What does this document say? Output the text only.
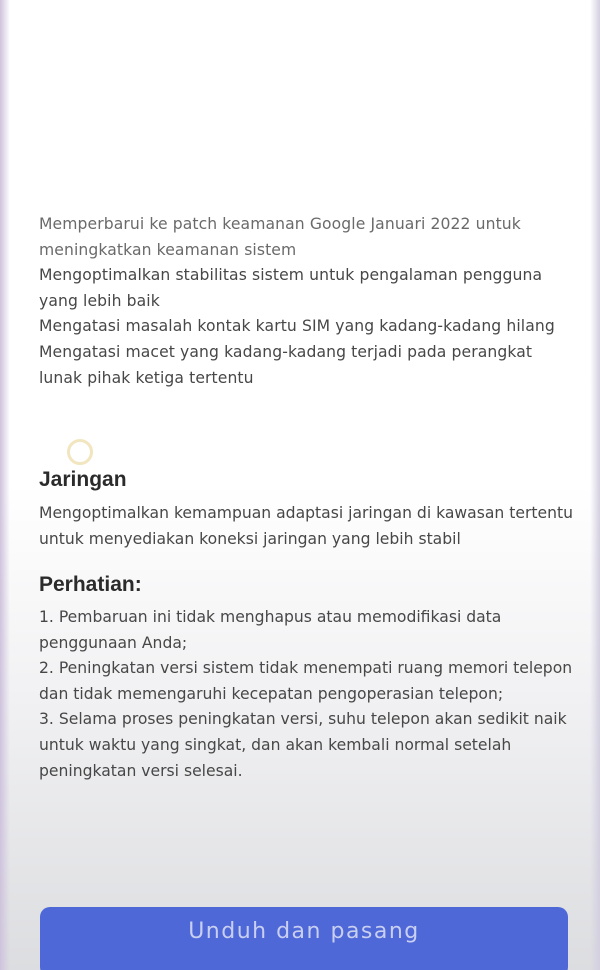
Memperbarui ke patch keamanan Google Januari 2022 untuk meningkatkan keamanan sistem

Mengoptimalkan stabilitas sistem untuk pengalaman pengguna yang lebih baik

Mengatasi masalah kontak kartu SIM yang kadang-kadang hilang

Mengatasi macet yang kadang-kadang terjadi pada perangkat lunak pihak ketiga tertentu

Jaringan

Mengoptimalkan kemampuan adaptasi jaringan di kawasan tertentu untuk menyediakan koneksi jaringan yang lebih stabil

Perhatian:
1. Pembaruan ini tidak menghapus atau memodifikasi data penggunaan Anda;
2. Peningkatan versi sistem tidak menempati ruang memori telepon dan tidak memengaruhi kecepatan pengoperasian telepon;
3. Selama proses peningkatan versi, suhu telepon akan sedikit naik untuk waktu yang singkat, dan akan kembali normal setelah peningkatan versi selesai.
Unduh dan pasang
